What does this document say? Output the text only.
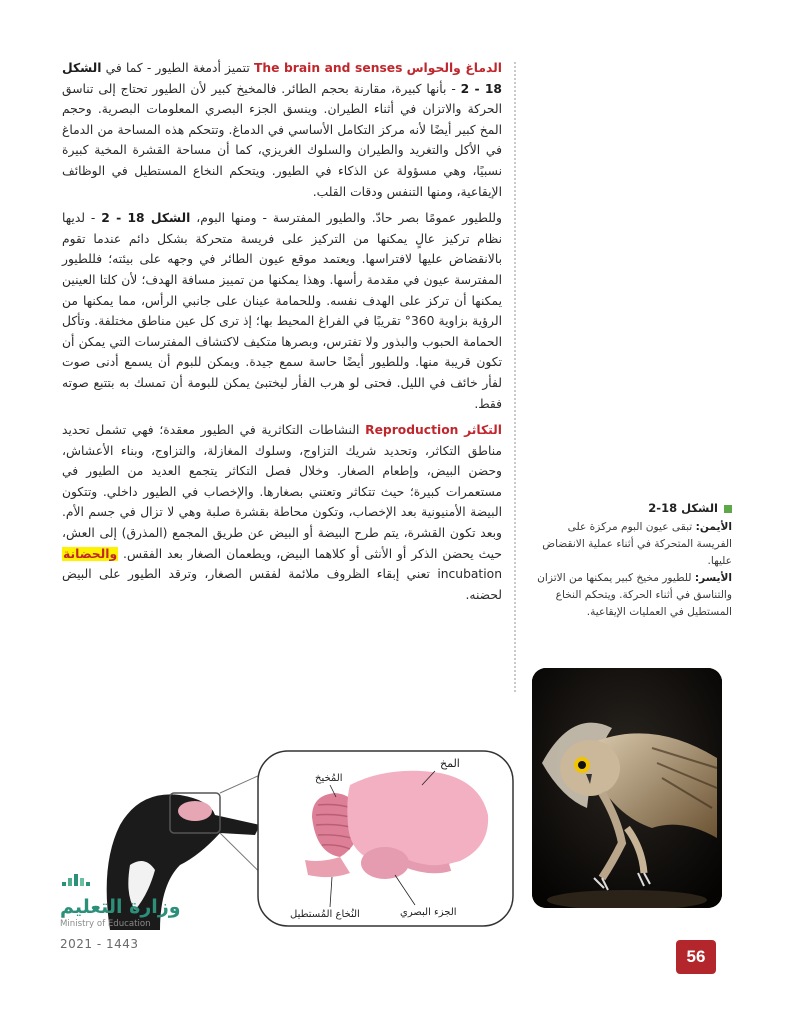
الدماغ والحواس The brain and senses تتميز أدمغة الطيور - كما في الشكل 18 - 2 - بأنها كبيرة، مقارنة بحجم الطائر. فالمخيخ كبير لأن الطيور تحتاج إلى تناسق الحركة والاتزان في أثناء الطيران. وينسق الجزء البصري المعلومات البصرية. وحجم المخ كبير أيضًا لأنه مركز التكامل الأساسي في الدماغ. وتتحكم هذه المساحة من الدماغ في الأكل والتغريد والطيران والسلوك الغريزي، كما أن مساحة القشرة المخية كبيرة نسبيًا، وهي مسؤولة عن الذكاء في الطيور. ويتحكم النخاع المستطيل في الوظائف الإيقاعية، ومنها التنفس ودقات القلب.

وللطيور عمومًا بصر حادّ. والطيور المفترسة - ومنها البوم، الشكل 18 - 2 - لديها نظام تركيز عالٍ يمكنها من التركيز على فريسة متحركة بشكل دائم عندما تقوم بالانقضاض عليها لافتراسها. ويعتمد موقع عيون الطائر في وجهه على بيئته؛ فللطيور المفترسة عيون في مقدمة رأسها. وهذا يمكنها من تمييز مسافة الهدف؛ لأن كلتا العينين يمكنها أن تركز على الهدف نفسه. وللحمامة عينان على جانبي الرأس، مما يمكنها من الرؤية بزاوية 360° تقريبًا في الفراغ المحيط بها؛ إذ ترى كل عين مناطق مختلفة. وتأكل الحمامة الحبوب والبذور ولا تفترس، وبصرها متكيف لاكتشاف المفترسات التي يمكن أن تكون قريبة منها. وللطيور أيضًا حاسة سمع جيدة. ويمكن للبوم أن يسمع أدنى صوت لفأر خائف في الليل. فحتى لو هرب الفأر ليختبئ يمكن للبومة أن تمسك به بتتبع صوته فقط.

التكاثر Reproduction النشاطات التكاثرية في الطيور معقدة؛ فهي تشمل تحديد مناطق التكاثر، وتحديد شريك التزاوج، وسلوك المغازلة، والتزاوج، وبناء الأعشاش، وحضن البيض، وإطعام الصغار. وخلال فصل التكاثر يتجمع العديد من الطيور في مستعمرات كبيرة؛ حيث تتكاثر وتعتني بصغارها. والإخصاب في الطيور داخلي. وتتكون البيضة الأمنيونية بعد الإخصاب، وتكون محاطة بقشرة صلبة وهي لا تزال في جسم الأم. وبعد تكون القشرة، يتم طرح البيضة أو البيض عن طريق المجمع (المذرق) إلى العش، حيث يحضن الذكر أو الأنثى أو كلاهما البيض، ويطعمان الصغار بعد الفقس. والحضانة incubation تعني إبقاء الظروف ملائمة لفقس الصغار، وترقد الطيور على البيض لحضنه.

الشكل 18-2
الأيمن: تبقى عيون البوم مركزة على الفريسة المتحركة في أثناء عملية الانقضاض عليها.
الأيسر: للطيور مخيخ كبير يمكنها من الاتزان والتناسق في أثناء الحركة. ويتحكم النخاع المستطيل في العمليات الإيقاعية.
المخ
المُخيخ
الجزء البصري
النُخاع المُستطيل
وزارة التعليم
Ministry of Education
2021 - 1443
56
